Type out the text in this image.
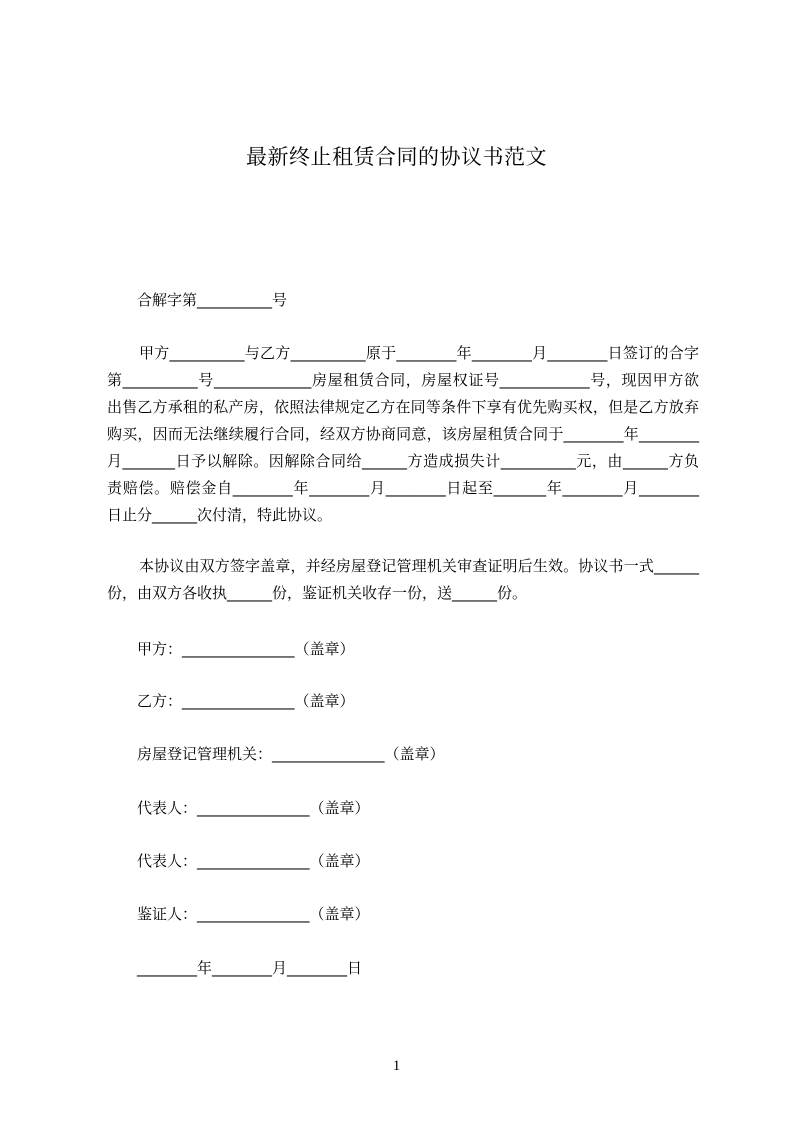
最新终止租赁合同的协议书范文
合解字第__________号
甲方__________与乙方__________原于________年________月________日签订的合字第__________号_____________房屋租赁合同，房屋权证号____________号，现因甲方欲出售乙方承租的私产房，依照法律规定乙方在同等条件下享有优先购买权，但是乙方放弃购买，因而无法继续履行合同，经双方协商同意，该房屋租赁合同于________年________月_______日予以解除。因解除合同给______方造成损失计__________元，由______方负责赔偿。赔偿金自________年________月________日起至_______年________月________日止分______次付清，特此协议。
本协议由双方签字盖章，并经房屋登记管理机关审查证明后生效。协议书一式______份，由双方各收执______份，鉴证机关收存一份，送______份。
甲方：_______________（盖章）
乙方：_______________（盖章）
房屋登记管理机关：_______________（盖章）
代表人：_______________（盖章）
代表人：_______________（盖章）
鉴证人：_______________（盖章）
________年________月________日
1
